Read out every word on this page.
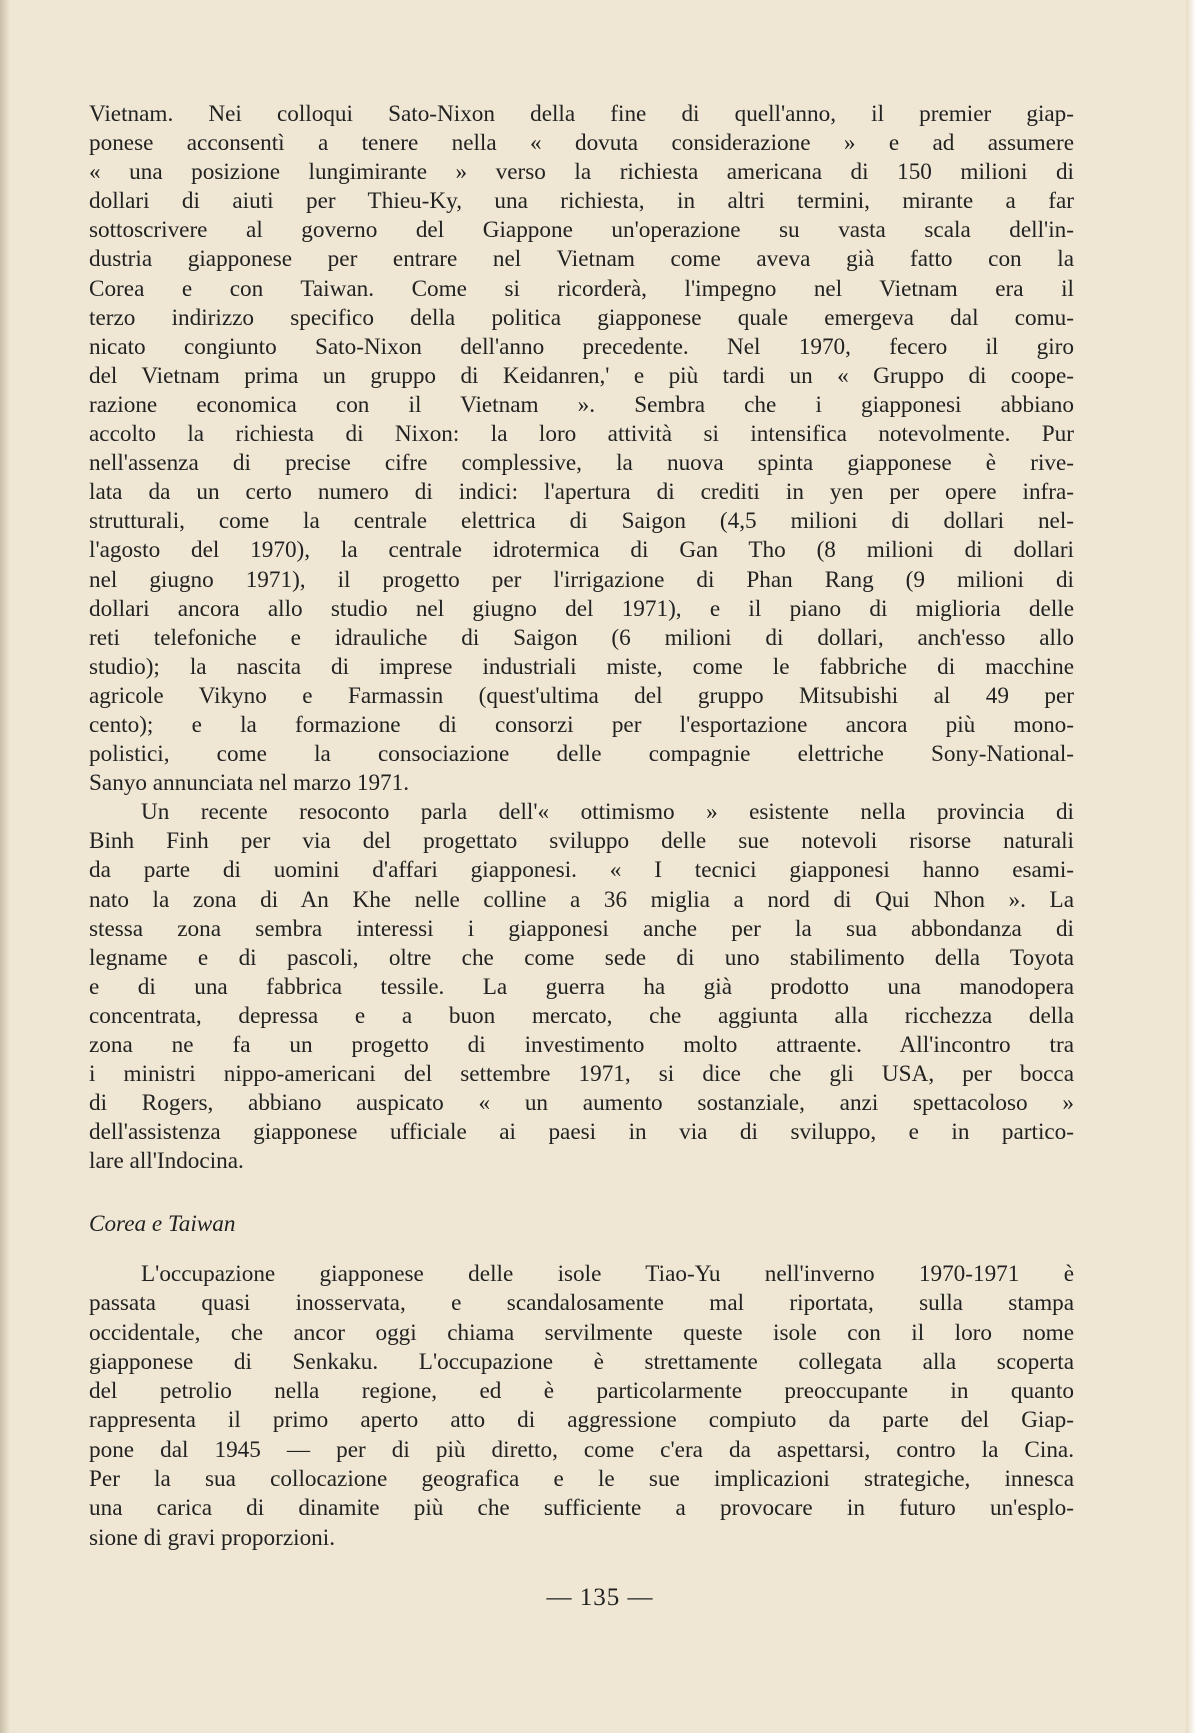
Vietnam. Nei colloqui Sato-Nixon della fine di quell'anno, il premier giap-
ponese acconsentì a tenere nella « dovuta considerazione » e ad assumere
« una posizione lungimirante » verso la richiesta americana di 150 milioni di
dollari di aiuti per Thieu-Ky, una richiesta, in altri termini, mirante a far
sottoscrivere al governo del Giappone un'operazione su vasta scala dell'in-
dustria giapponese per entrare nel Vietnam come aveva già fatto con la
Corea e con Taiwan. Come si ricorderà, l'impegno nel Vietnam era il
terzo indirizzo specifico della politica giapponese quale emergeva dal comu-
nicato congiunto Sato-Nixon dell'anno precedente. Nel 1970, fecero il giro
del Vietnam prima un gruppo di Keidanren,' e più tardi un « Gruppo di coope-
razione economica con il Vietnam ». Sembra che i giapponesi abbiano
accolto la richiesta di Nixon: la loro attività si intensifica notevolmente. Pur
nell'assenza di precise cifre complessive, la nuova spinta giapponese è rive-
lata da un certo numero di indici: l'apertura di crediti in yen per opere infra-
strutturali, come la centrale elettrica di Saigon (4,5 milioni di dollari nel-
l'agosto del 1970), la centrale idrotermica di Gan Tho (8 milioni di dollari
nel giugno 1971), il progetto per l'irrigazione di Phan Rang (9 milioni di
dollari ancora allo studio nel giugno del 1971), e il piano di miglioria delle
reti telefoniche e idrauliche di Saigon (6 milioni di dollari, anch'esso allo
studio); la nascita di imprese industriali miste, come le fabbriche di macchine
agricole Vikyno e Farmassin (quest'ultima del gruppo Mitsubishi al 49 per
cento); e la formazione di consorzi per l'esportazione ancora più mono-
polistici, come la consociazione delle compagnie elettriche Sony-National-
Sanyo annunciata nel marzo 1971.
Un recente resoconto parla dell'« ottimismo » esistente nella provincia di
Binh Finh per via del progettato sviluppo delle sue notevoli risorse naturali
da parte di uomini d'affari giapponesi. « I tecnici giapponesi hanno esami-
nato la zona di An Khe nelle colline a 36 miglia a nord di Qui Nhon ». La
stessa zona sembra interessi i giapponesi anche per la sua abbondanza di
legname e di pascoli, oltre che come sede di uno stabilimento della Toyota
e di una fabbrica tessile. La guerra ha già prodotto una manodopera
concentrata, depressa e a buon mercato, che aggiunta alla ricchezza della
zona ne fa un progetto di investimento molto attraente. All'incontro tra
i ministri nippo-americani del settembre 1971, si dice che gli USA, per bocca
di Rogers, abbiano auspicato « un aumento sostanziale, anzi spettacoloso »
dell'assistenza giapponese ufficiale ai paesi in via di sviluppo, e in partico-
lare all'Indocina.
Corea e Taiwan
L'occupazione giapponese delle isole Tiao-Yu nell'inverno 1970-1971 è
passata quasi inosservata, e scandalosamente mal riportata, sulla stampa
occidentale, che ancor oggi chiama servilmente queste isole con il loro nome
giapponese di Senkaku. L'occupazione è strettamente collegata alla scoperta
del petrolio nella regione, ed è particolarmente preoccupante in quanto
rappresenta il primo aperto atto di aggressione compiuto da parte del Giap-
pone dal 1945 — per di più diretto, come c'era da aspettarsi, contro la Cina.
Per la sua collocazione geografica e le sue implicazioni strategiche, innesca
una carica di dinamite più che sufficiente a provocare in futuro un'esplo-
sione di gravi proporzioni.
— 135 —
